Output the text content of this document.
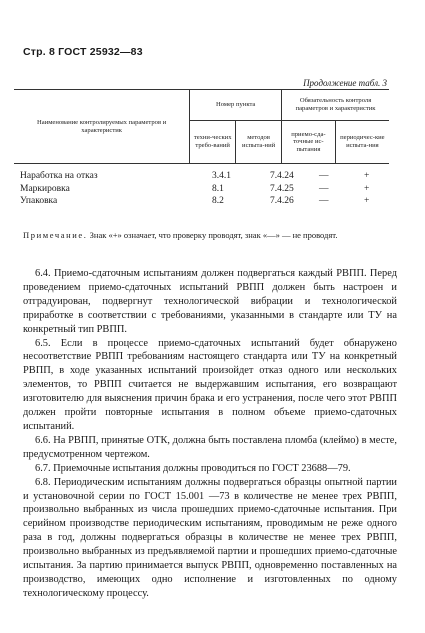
Стр. 8 ГОСТ 25932—83
Продолжение табл. 3
Наименование контролируемых параметров и характеристик	Номер пункта		Обязательность контроля параметров и характеристик	
	техни-ческих требо-ваний	методов испыта-ний	приемо-сда-точные ис-пытания	периодичес-кие испыта-ния
Наработка на отказ	3.4.1	7.4.24	—	+
Маркировка	8.1	7.4.25	—	+
Упаковка	8.2	7.4.26	—	+
Примечание. Знак «+» означает, что проверку проводят, знак «—» — не проводят.

6.4. Приемо-сдаточным испытаниям должен подвергаться каждый РВПП. Перед проведением приемо-сдаточных испытаний РВПП должен быть настроен и отградуирован, подвергнут технологической вибрации и технологической приработке в соответствии с требованиями, указанными в стандарте или ТУ на конкретный тип РВПП.

6.5. Если в процессе приемо-сдаточных испытаний будет обнаружено несоответствие РВПП требованиям настоящего стандарта или ТУ на конкретный РВПП, в ходе указанных испытаний произойдет отказ одного или нескольких элементов, то РВПП считается не выдержавшим испытания, его возвращают изготовителю для выяснения причин брака и его устранения, после чего этот РВПП должен пройти повторные испытания в полном объеме приемо-сдаточных испытаний.

6.6. На РВПП, принятые ОТК, должна быть поставлена пломба (клеймо) в месте, предусмотренном чертежом.

6.7. Приемочные испытания должны проводиться по ГОСТ 23688—79.

6.8. Периодическим испытаниям должны подвергаться образцы опытной партии и установочной серии по ГОСТ 15.001 —73 в количестве не менее трех РВПП, произвольно выбранных из числа прошедших приемо-сдаточные испытания. При серийном производстве периодическим испытаниям, проводимым не реже одного раза в год, должны подвергаться образцы в количестве не менее трех РВПП, произвольно выбранных из предъявляемой партии и прошедших приемо-сдаточные испытания. За партию принимается выпуск РВПП, одновременно поставленных на производство, имеющих одно исполнение и изготовленных по одному технологическому процессу.
